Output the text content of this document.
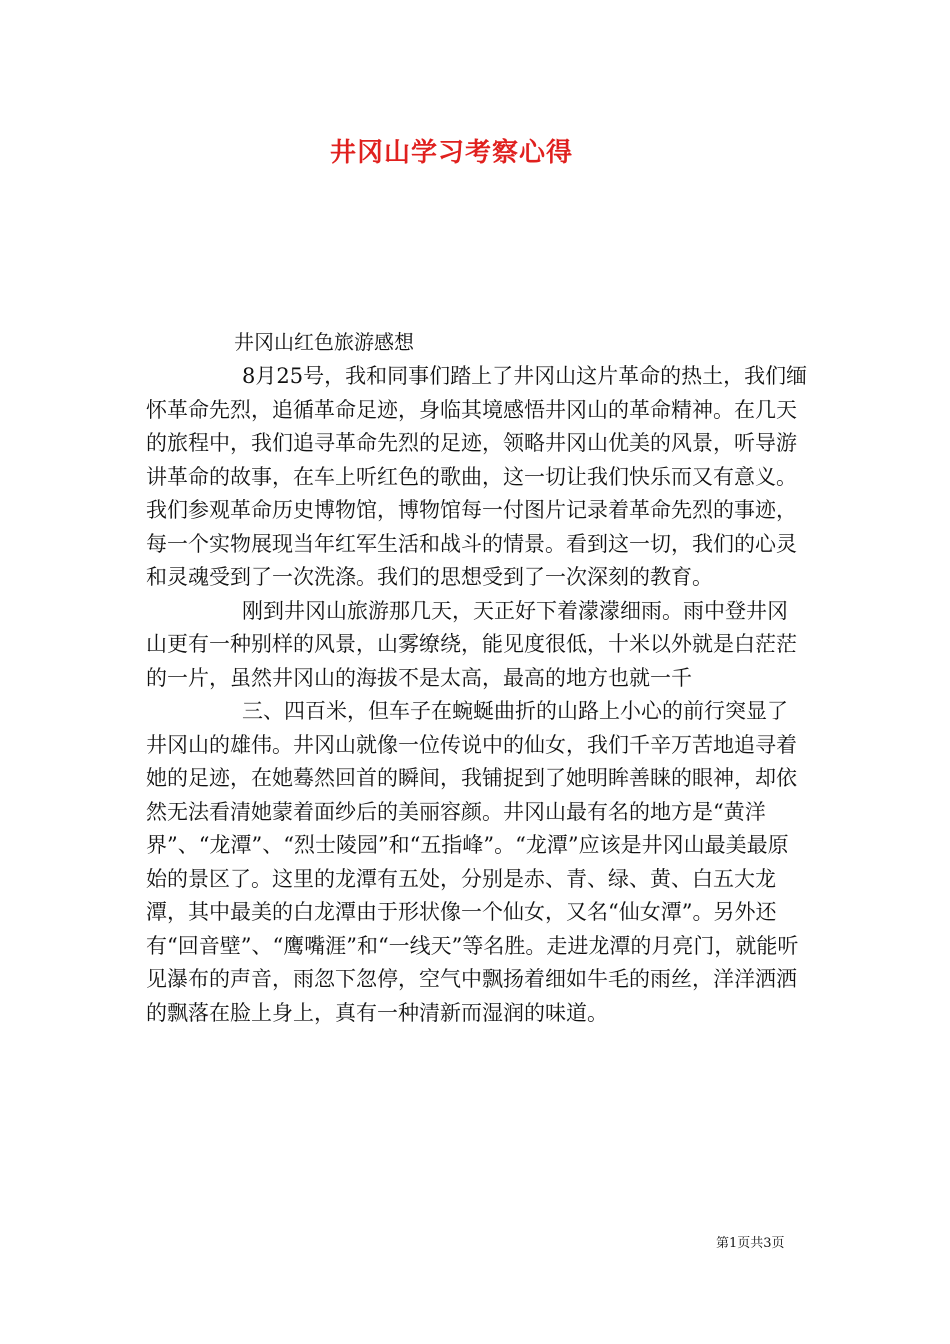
井冈山学习考察心得
井冈山红色旅游感想

8月25号，我和同事们踏上了井冈山这片革命的热土，我们缅怀革命先烈，追循革命足迹，身临其境感悟井冈山的革命精神。在几天的旅程中，我们追寻革命先烈的足迹，领略井冈山优美的风景，听导游讲革命的故事，在车上听红色的歌曲，这一切让我们快乐而又有意义。我们参观革命历史博物馆，博物馆每一付图片记录着革命先烈的事迹，每一个实物展现当年红军生活和战斗的情景。看到这一切，我们的心灵和灵魂受到了一次洗涤。我们的思想受到了一次深刻的教育。

刚到井冈山旅游那几天，天正好下着濛濛细雨。雨中登井冈山更有一种别样的风景，山雾缭绕，能见度很低，十米以外就是白茫茫的一片，虽然井冈山的海拔不是太高，最高的地方也就一千

三、四百米，但车子在蜿蜒曲折的山路上小心的前行突显了井冈山的雄伟。井冈山就像一位传说中的仙女，我们千辛万苦地追寻着她的足迹，在她蓦然回首的瞬间，我铺捉到了她明眸善睐的眼神，却依然无法看清她蒙着面纱后的美丽容颜。井冈山最有名的地方是“黄洋界”、“龙潭”、“烈士陵园”和“五指峰”。“龙潭”应该是井冈山最美最原始的景区了。这里的龙潭有五处，分别是赤、青、绿、黄、白五大龙潭，其中最美的白龙潭由于形状像一个仙女，又名“仙女潭”。另外还有“回音壁”、“鹰嘴涯”和“一线天”等名胜。走进龙潭的月亮门，就能听见瀑布的声音，雨忽下忽停，空气中飘扬着细如牛毛的雨丝，洋洋洒洒的飘落在脸上身上，真有一种清新而湿润的味道。

第1页共3页
